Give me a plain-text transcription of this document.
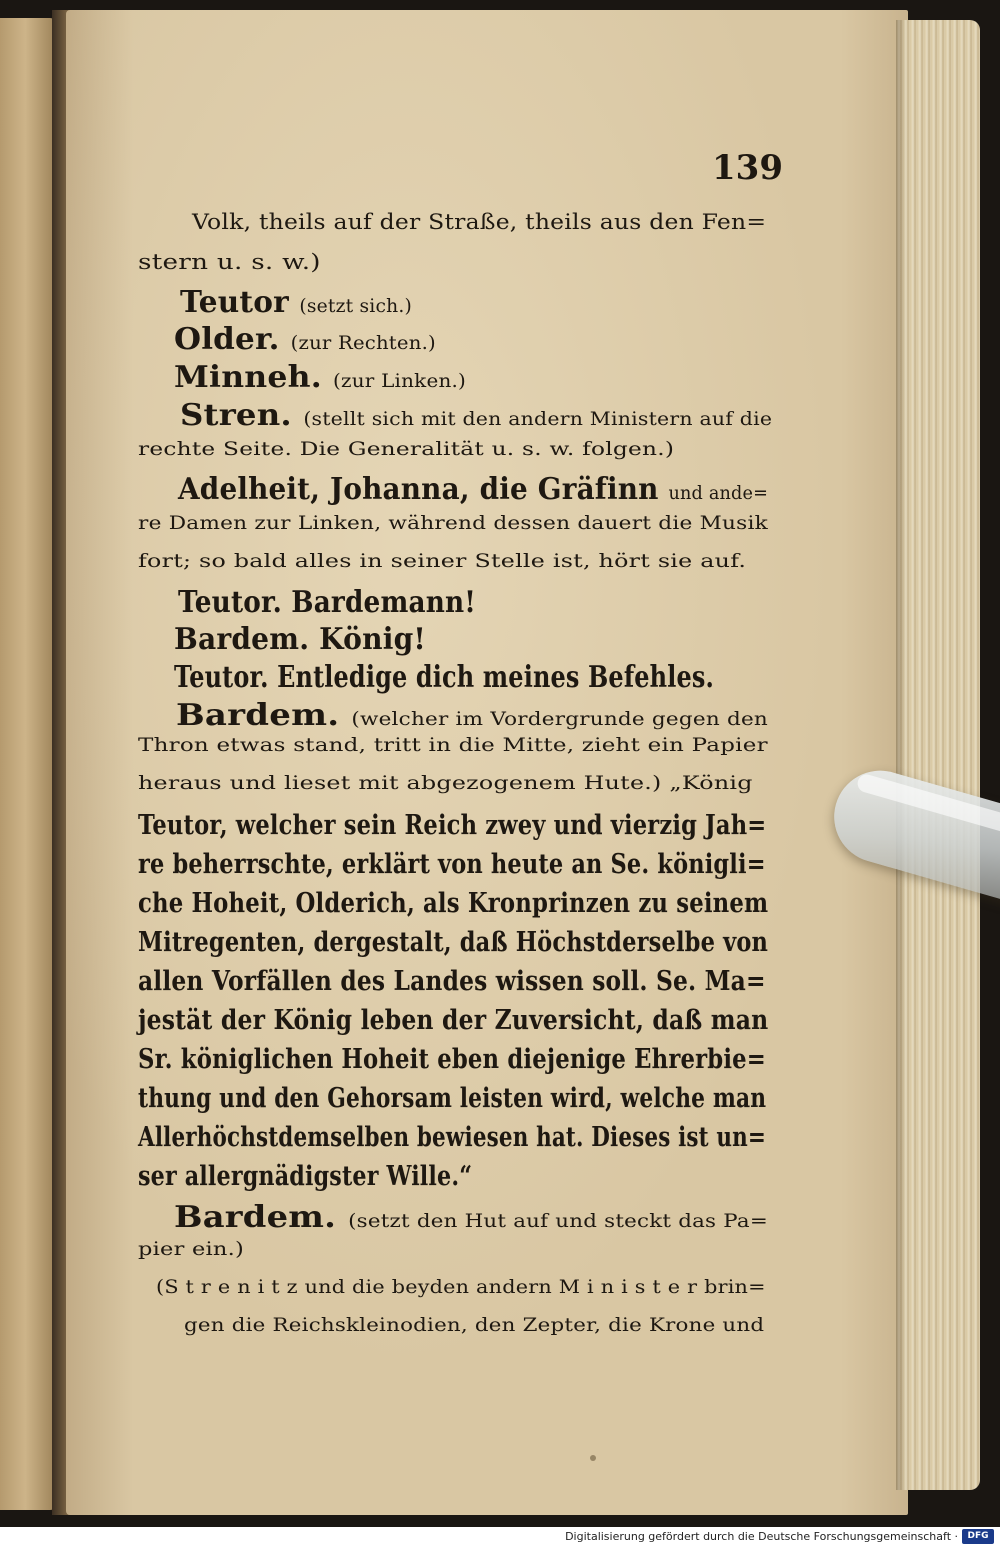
139
Volk, theils auf der Straße, theils aus den Fen=
stern u. s. w.)
Teutor (setzt sich.)
Older. (zur Rechten.)
Minneh. (zur Linken.)
Stren. (stellt sich mit den andern Ministern auf die
rechte Seite. Die Generalität u. s. w. folgen.)
Adelheit, Johanna, die Gräfinn und ande=
re Damen zur Linken, während dessen dauert die Musik
fort; so bald alles in seiner Stelle ist, hört sie auf.
Teutor. Bardemann!
Bardem. König!
Teutor. Entledige dich meines Befehles.
Bardem. (welcher im Vordergrunde gegen den
Thron etwas stand, tritt in die Mitte, zieht ein Papier
heraus und lieset mit abgezogenem Hute.) „König
Teutor, welcher sein Reich zwey und vierzig Jah=
re beherrschte, erklärt von heute an Se. königli=
che Hoheit, Olderich, als Kronprinzen zu seinem
Mitregenten, dergestalt, daß Höchstderselbe von
allen Vorfällen des Landes wissen soll. Se. Ma=
jestät der König leben der Zuversicht, daß man
Sr. königlichen Hoheit eben diejenige Ehrerbie=
thung und den Gehorsam leisten wird, welche man
Allerhöchstdemselben bewiesen hat. Dieses ist un=
ser allergnädigster Wille.“
Bardem. (setzt den Hut auf und steckt das Pa=
pier ein.)
(S t r e n i t z und die beyden andern M i n i s t e r brin=
gen die Reichskleinodien, den Zepter, die Krone und
Digitalisierung gefördert durch die Deutsche Forschungsgemeinschaft ·	DFG
